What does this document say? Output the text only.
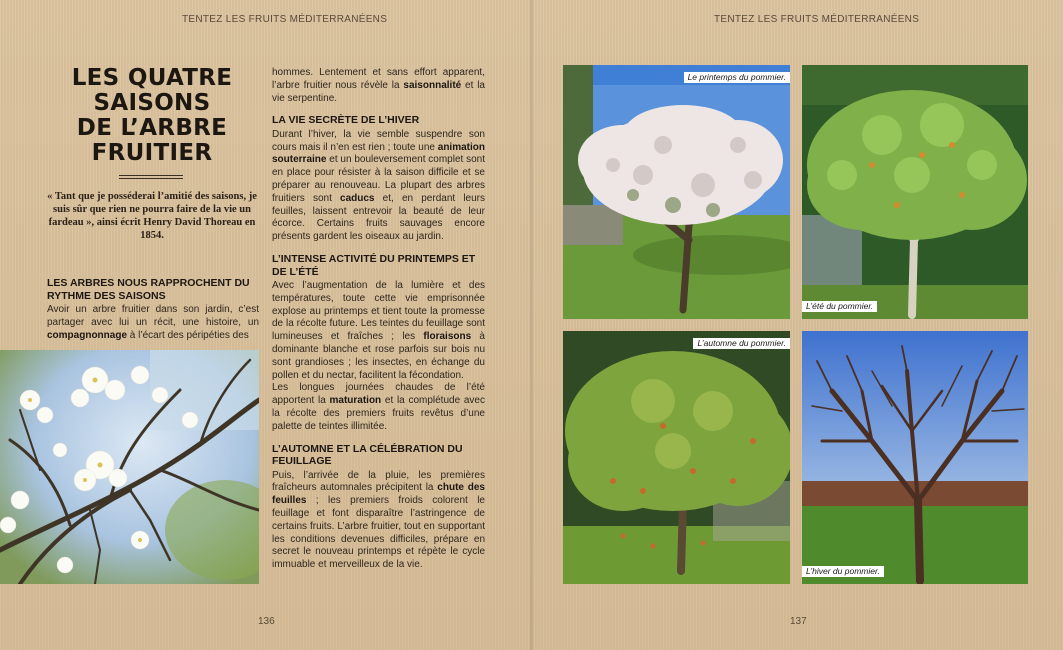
TENTEZ LES FRUITS MÉDITERRANÉENS
LES QUATRE
SAISONS
DE L’ARBRE
FRUITIER

« Tant que je posséderai l’amitié des saisons, je suis sûr que rien ne pourra faire de la vie un fardeau », ainsi écrit Henry David Thoreau en 1854.

LES ARBRES NOUS RAPPROCHENT DU RYTHME DES SAISONS

Avoir un arbre fruitier dans son jardin, c’est partager avec lui un récit, une histoire, un compagnonnage à l’écart des péripéties des

hommes. Lentement et sans effort apparent, l’arbre fruitier nous révèle la saisonnalité et la vie serpentine.

LA VIE SECRÈTE DE L’HIVER

Durant l’hiver, la vie semble suspendre son cours mais il n’en est rien ; toute une animation souterraine et un bouleversement complet sont en place pour résister à la saison difficile et se préparer au renouveau. La plupart des arbres fruitiers sont caducs et, en perdant leurs feuilles, laissent entrevoir la beauté de leur écorce. Certains fruits sauvages encore présents gardent les oiseaux au jardin.

L’INTENSE ACTIVITÉ DU PRINTEMPS ET DE L’ÉTÉ

Avec l’augmentation de la lumière et des températures, toute cette vie emprisonnée explose au printemps et tient toute la promesse de la récolte future. Les teintes du feuillage sont lumineuses et fraîches ; les floraisons à dominante blanche et rose parfois sur bois nu sont grandioses ; les insectes, en échange du pollen et du nectar, facilitent la fécondation.

Les longues journées chaudes de l’été apportent la maturation et la complétude avec la récolte des premiers fruits revêtus d’une palette de teintes illimitée.

L’AUTOMNE ET LA CÉLÉBRATION DU FEUILLAGE

Puis, l’arrivée de la pluie, les premières fraîcheurs automnales précipitent la chute des feuilles ; les premiers froids colorent le feuillage et font disparaître l’astringence de certains fruits. L’arbre fruitier, tout en supportant les conditions devenues difficiles, prépare en secret le nouveau printemps et répète le cycle immuable et merveilleux de la vie.

136
TENTEZ LES FRUITS MÉDITERRANÉENS
Le printemps du pommier.
L’été du pommier.
L’automne du pommier.
L’hiver du pommier.
137
